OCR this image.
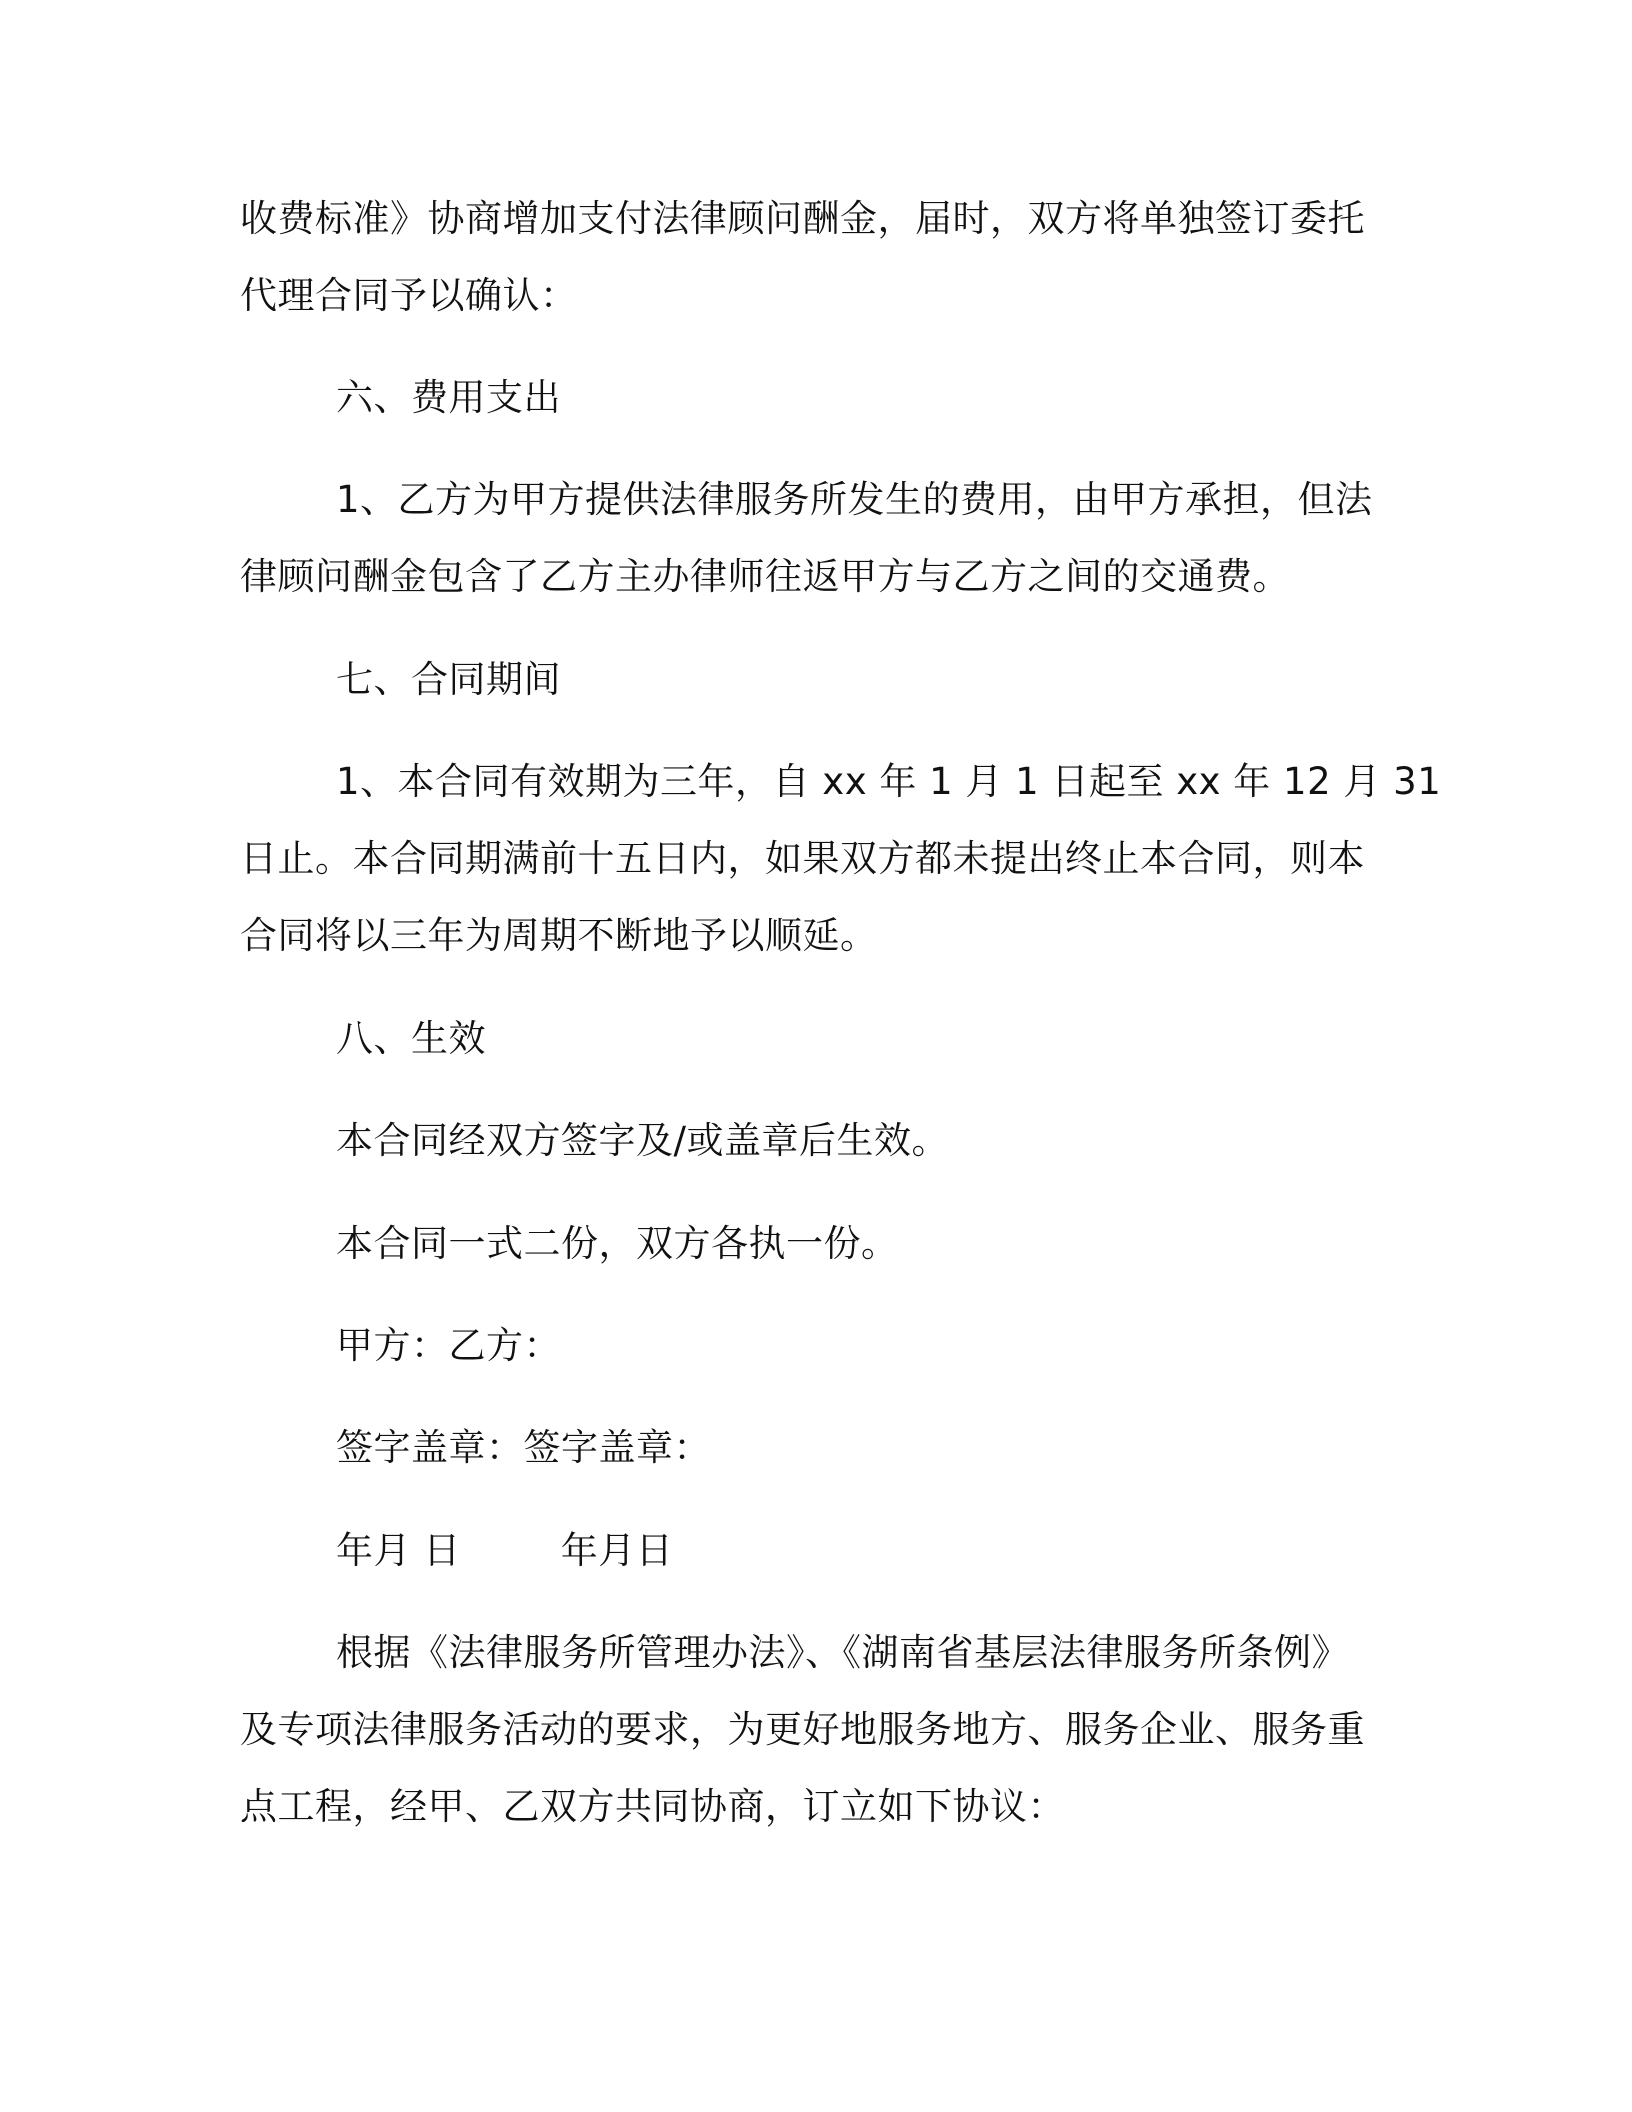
收费标准》协商增加支付法律顾问酬金，届时，双方将单独签订委托

代理合同予以确认：

六、费用支出

1、乙方为甲方提供法律服务所发生的费用，由甲方承担，但法

律顾问酬金包含了乙方主办律师往返甲方与乙方之间的交通费。

七、合同期间

1、本合同有效期为三年，自 xx 年 1 月 1 日起至 xx 年 12 月 31

日止。本合同期满前十五日内，如果双方都未提出终止本合同，则本

合同将以三年为周期不断地予以顺延。

八、生效

本合同经双方签字及/或盖章后生效。

本合同一式二份，双方各执一份。

甲方：乙方：

签字盖章：签字盖章：

年月 日	年月日

根据《法律服务所管理办法》、《湖南省基层法律服务所条例》

及专项法律服务活动的要求，为更好地服务地方、服务企业、服务重

点工程，经甲、乙双方共同协商，订立如下协议：
